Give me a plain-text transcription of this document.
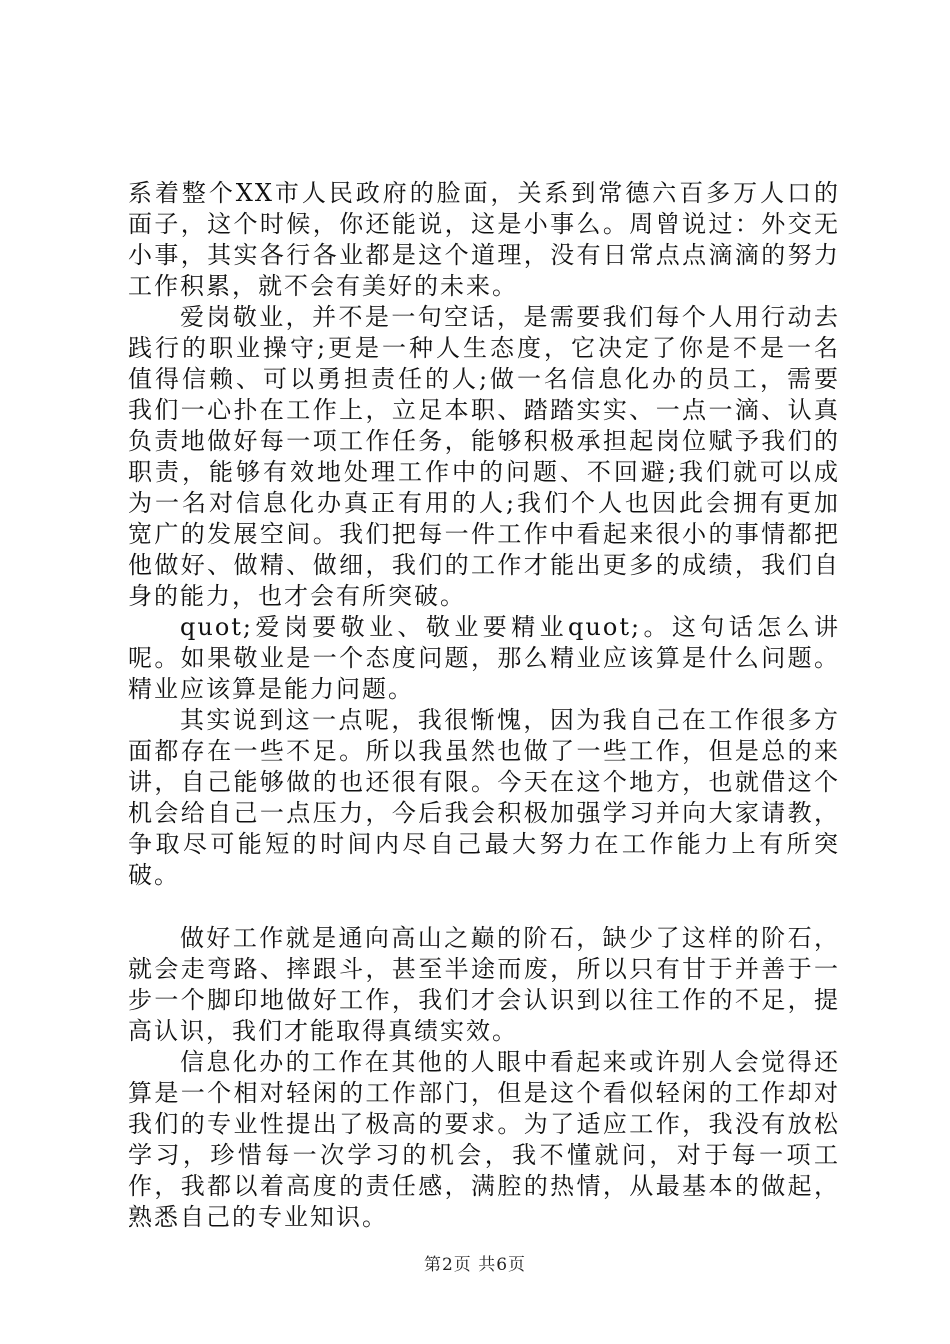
系着整个XX市人民政府的脸面，关系到常德六百多万人口的面子，这个时候，你还能说，这是小事么。周曾说过：外交无小事，其实各行各业都是这个道理，没有日常点点滴滴的努力工作积累，就不会有美好的未来。

爱岗敬业，并不是一句空话，是需要我们每个人用行动去践行的职业操守;更是一种人生态度，它决定了你是不是一名值得信赖、可以勇担责任的人;做一名信息化办的员工，需要我们一心扑在工作上，立足本职、踏踏实实、一点一滴、认真负责地做好每一项工作任务，能够积极承担起岗位赋予我们的职责，能够有效地处理工作中的问题、不回避;我们就可以成为一名对信息化办真正有用的人;我们个人也因此会拥有更加宽广的发展空间。我们把每一件工作中看起来很小的事情都把他做好、做精、做细，我们的工作才能出更多的成绩，我们自身的能力，也才会有所突破。

quot;爱岗要敬业、敬业要精业quot;。这句话怎么讲呢。如果敬业是一个态度问题，那么精业应该算是什么问题。精业应该算是能力问题。

其实说到这一点呢，我很惭愧，因为我自己在工作很多方面都存在一些不足。所以我虽然也做了一些工作，但是总的来讲，自己能够做的也还很有限。今天在这个地方，也就借这个机会给自己一点压力，今后我会积极加强学习并向大家请教，争取尽可能短的时间内尽自己最大努力在工作能力上有所突破。

做好工作就是通向高山之巅的阶石，缺少了这样的阶石，就会走弯路、摔跟斗，甚至半途而废，所以只有甘于并善于一步一个脚印地做好工作，我们才会认识到以往工作的不足，提高认识，我们才能取得真绩实效。

信息化办的工作在其他的人眼中看起来或许别人会觉得还算是一个相对轻闲的工作部门，但是这个看似轻闲的工作却对我们的专业性提出了极高的要求。为了适应工作，我没有放松学习，珍惜每一次学习的机会，我不懂就问，对于每一项工作，我都以着高度的责任感，满腔的热情，从最基本的做起，熟悉自己的专业知识。

第2页 共6页
